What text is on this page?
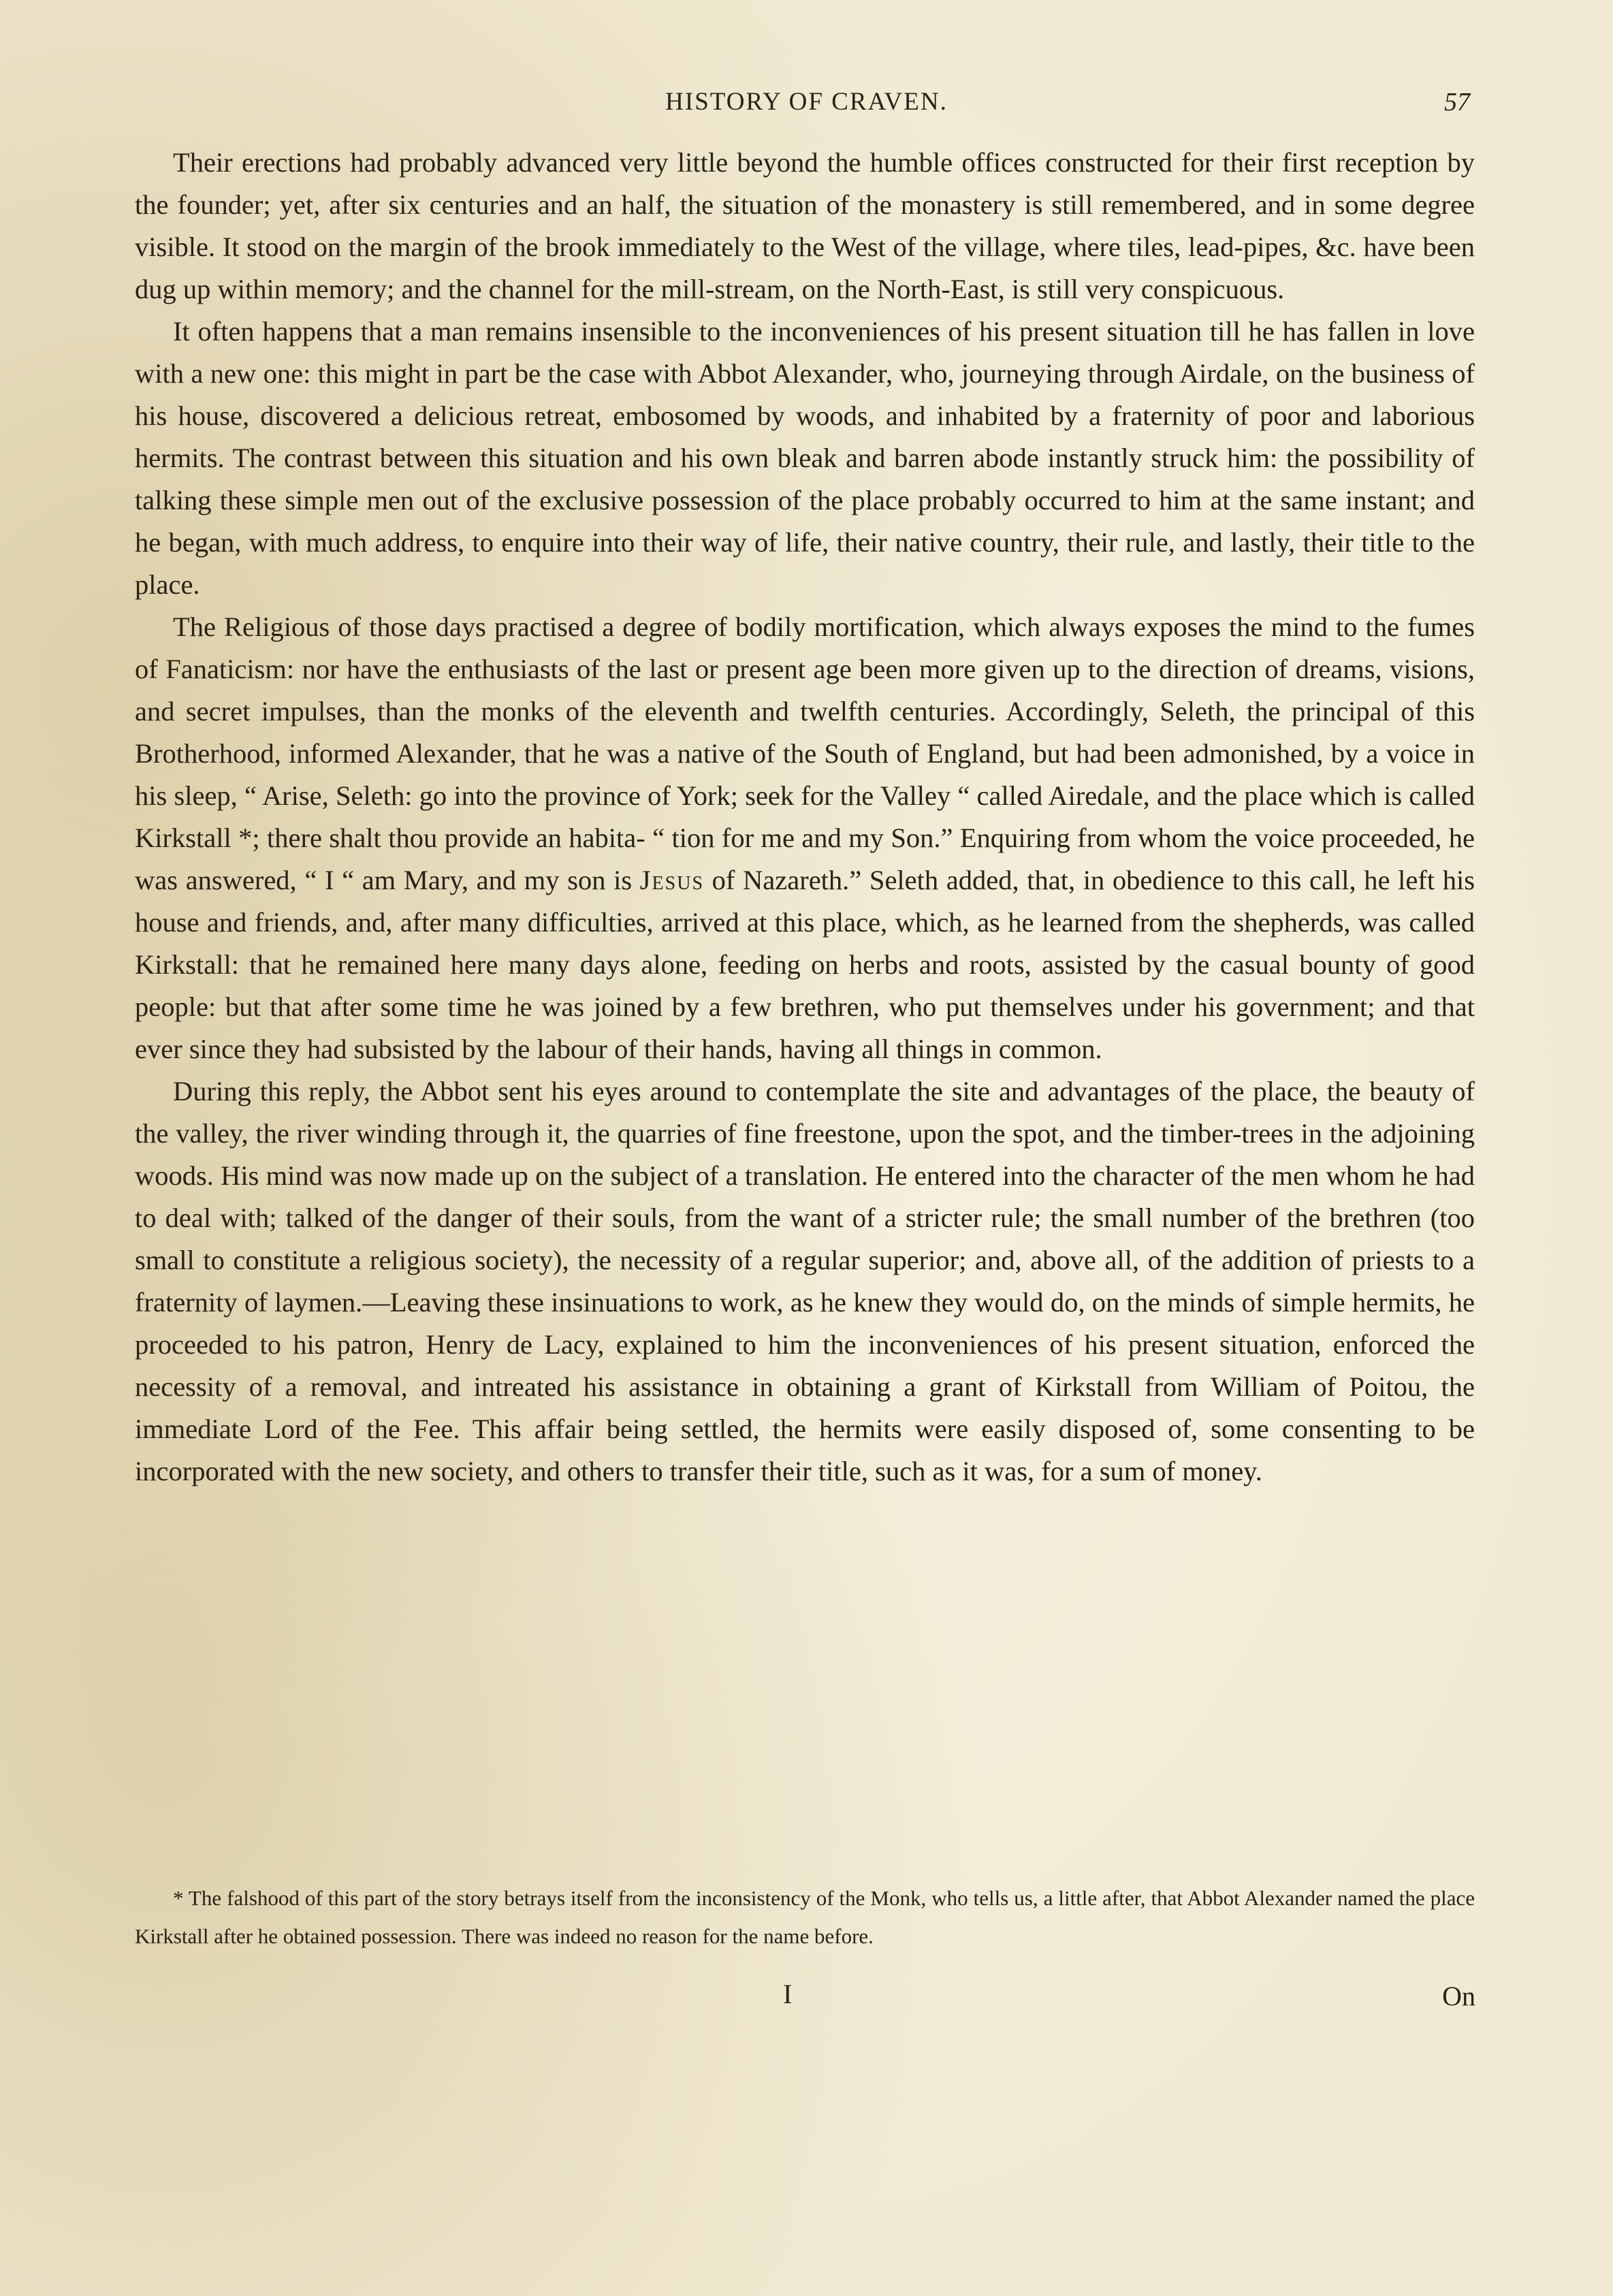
HISTORY OF CRAVEN.	57

Their erections had probably advanced very little beyond the humble offices constructed for their first reception by the founder; yet, after six centuries and an half, the situation of the monastery is still remembered, and in some degree visible. It stood on the margin of the brook immediately to the West of the village, where tiles, lead-pipes, &c. have been dug up within memory; and the channel for the mill-stream, on the North-East, is still very conspicuous.

It often happens that a man remains insensible to the inconveniences of his present situation till he has fallen in love with a new one: this might in part be the case with Abbot Alexander, who, journeying through Airdale, on the business of his house, discovered a delicious retreat, embosomed by woods, and inhabited by a fraternity of poor and laborious hermits. The contrast between this situation and his own bleak and barren abode instantly struck him: the possibility of talking these simple men out of the exclusive possession of the place probably occurred to him at the same instant; and he began, with much address, to enquire into their way of life, their native country, their rule, and lastly, their title to the place.

The Religious of those days practised a degree of bodily mortification, which always exposes the mind to the fumes of Fanaticism: nor have the enthusiasts of the last or present age been more given up to the direction of dreams, visions, and secret impulses, than the monks of the eleventh and twelfth centuries. Accordingly, Seleth, the principal of this Brotherhood, informed Alexander, that he was a native of the South of England, but had been admonished, by a voice in his sleep, “ Arise, Seleth: go into the province of York; seek for the Valley “ called Airedale, and the place which is called Kirkstall *; there shalt thou provide an habita- “ tion for me and my Son.” Enquiring from whom the voice proceeded, he was answered, “ I “ am Mary, and my son is Jesus of Nazareth.” Seleth added, that, in obedience to this call, he left his house and friends, and, after many difficulties, arrived at this place, which, as he learned from the shepherds, was called Kirkstall: that he remained here many days alone, feeding on herbs and roots, assisted by the casual bounty of good people: but that after some time he was joined by a few brethren, who put themselves under his government; and that ever since they had subsisted by the labour of their hands, having all things in common.

During this reply, the Abbot sent his eyes around to contemplate the site and advantages of the place, the beauty of the valley, the river winding through it, the quarries of fine freestone, upon the spot, and the timber-trees in the adjoining woods. His mind was now made up on the subject of a translation. He entered into the character of the men whom he had to deal with; talked of the danger of their souls, from the want of a stricter rule; the small number of the brethren (too small to constitute a religious society), the necessity of a regular superior; and, above all, of the addition of priests to a fraternity of laymen.—Leaving these insinuations to work, as he knew they would do, on the minds of simple hermits, he proceeded to his patron, Henry de Lacy, explained to him the inconveniences of his present situation, enforced the necessity of a removal, and intreated his assistance in obtaining a grant of Kirkstall from William of Poitou, the immediate Lord of the Fee. This affair being settled, the hermits were easily disposed of, some consenting to be incorporated with the new society, and others to transfer their title, such as it was, for a sum of money.

* The falshood of this part of the story betrays itself from the inconsistency of the Monk, who tells us, a little after, that Abbot Alexander named the place Kirkstall after he obtained possession. There was indeed no reason for the name before.

I	On
